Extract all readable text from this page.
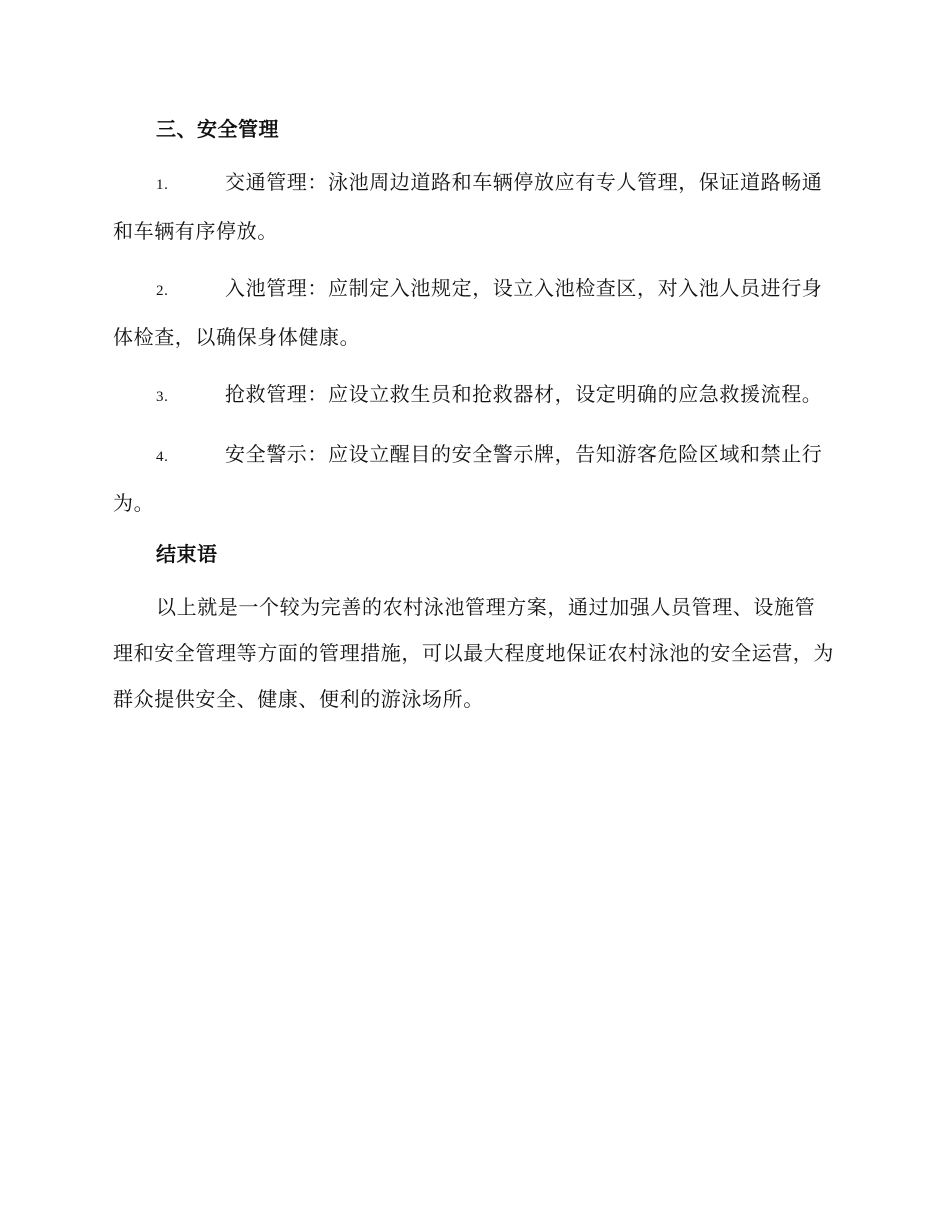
三、安全管理
1.	交通管理：泳池周边道路和车辆停放应有专人管理，保证道路畅通和车辆有序停放。
2.	入池管理：应制定入池规定，设立入池检查区，对入池人员进行身体检查，以确保身体健康。
3.	抢救管理：应设立救生员和抢救器材，设定明确的应急救援流程。
4.	安全警示：应设立醒目的安全警示牌，告知游客危险区域和禁止行为。
结束语

以上就是一个较为完善的农村泳池管理方案，通过加强人员管理、设施管理和安全管理等方面的管理措施，可以最大程度地保证农村泳池的安全运营，为群众提供安全、健康、便利的游泳场所。
